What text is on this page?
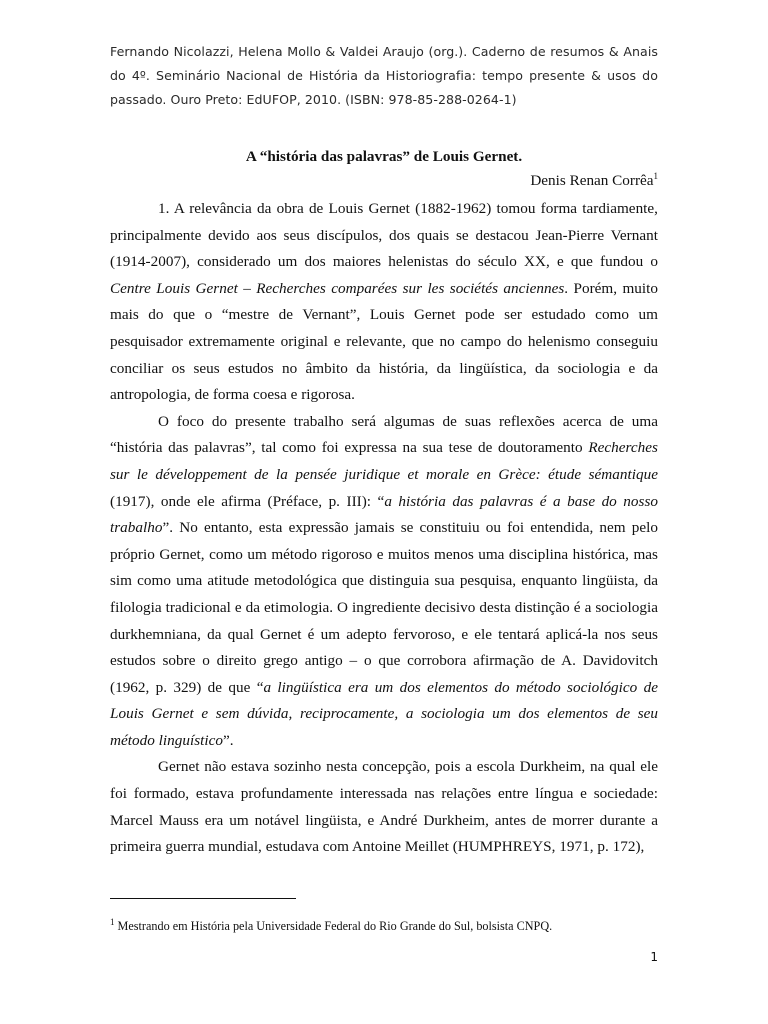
Fernando Nicolazzi, Helena Mollo & Valdei Araujo (org.). Caderno de resumos & Anais do 4º. Seminário Nacional de História da Historiografia: tempo presente & usos do passado. Ouro Preto: EdUFOP, 2010. (ISBN: 978-85-288-0264-1)
A “história das palavras” de Louis Gernet.
Denis Renan Corrêa$^1$

1. A relevância da obra de Louis Gernet (1882-1962) tomou forma tardiamente, principalmente devido aos seus discípulos, dos quais se destacou Jean-Pierre Vernant (1914-2007), considerado um dos maiores helenistas do século XX, e que fundou o Centre Louis Gernet – Recherches comparées sur les sociétés anciennes. Porém, muito mais do que o “mestre de Vernant”, Louis Gernet pode ser estudado como um pesquisador extremamente original e relevante, que no campo do helenismo conseguiu conciliar os seus estudos no âmbito da história, da lingüística, da sociologia e da antropologia, de forma coesa e rigorosa.

O foco do presente trabalho será algumas de suas reflexões acerca de uma “história das palavras”, tal como foi expressa na sua tese de doutoramento Recherches sur le développement de la pensée juridique et morale en Grèce: étude sémantique (1917), onde ele afirma (Préface, p. III): “a história das palavras é a base do nosso trabalho”. No entanto, esta expressão jamais se constituiu ou foi entendida, nem pelo próprio Gernet, como um método rigoroso e muitos menos uma disciplina histórica, mas sim como uma atitude metodológica que distinguia sua pesquisa, enquanto lingüista, da filologia tradicional e da etimologia. O ingrediente decisivo desta distinção é a sociologia durkhemniana, da qual Gernet é um adepto fervoroso, e ele tentará aplicá-la nos seus estudos sobre o direito grego antigo – o que corrobora afirmação de A. Davidovitch (1962, p. 329) de que “a lingüística era um dos elementos do método sociológico de Louis Gernet e sem dúvida, reciprocamente, a sociologia um dos elementos de seu método linguístico”.

Gernet não estava sozinho nesta concepção, pois a escola Durkheim, na qual ele foi formado, estava profundamente interessada nas relações entre língua e sociedade: Marcel Mauss era um notável lingüista, e André Durkheim, antes de morrer durante a primeira guerra mundial, estudava com Antoine Meillet (HUMPHREYS, 1971, p. 172),

$^1$ Mestrando em História pela Universidade Federal do Rio Grande do Sul, bolsista CNPQ.
1
